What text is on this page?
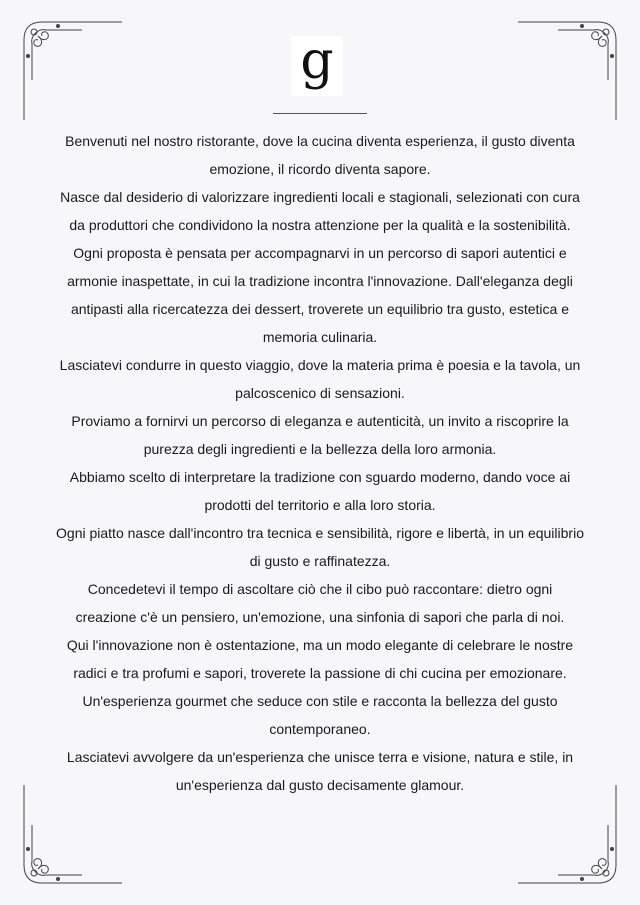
g

Benvenuti nel nostro ristorante, dove la cucina diventa esperienza, il gusto diventa emozione, il ricordo diventa sapore.

Nasce dal desiderio di valorizzare ingredienti locali e stagionali, selezionati con cura da produttori che condividono la nostra attenzione per la qualità e la sostenibilità.

Ogni proposta è pensata per accompagnarvi in un percorso di sapori autentici e armonie inaspettate, in cui la tradizione incontra l'innovazione. Dall'eleganza degli antipasti alla ricercatezza dei dessert, troverete un equilibrio tra gusto, estetica e memoria culinaria.

Lasciatevi condurre in questo viaggio, dove la materia prima è poesia e la tavola, un palcoscenico di sensazioni.

Proviamo a fornirvi un percorso di eleganza e autenticità, un invito a riscoprire la purezza degli ingredienti e la bellezza della loro armonia.

Abbiamo scelto di interpretare la tradizione con sguardo moderno, dando voce ai prodotti del territorio e alla loro storia.

Ogni piatto nasce dall'incontro tra tecnica e sensibilità, rigore e libertà, in un equilibrio di gusto e raffinatezza.

Concedetevi il tempo di ascoltare ciò che il cibo può raccontare: dietro ogni creazione c'è un pensiero, un'emozione, una sinfonia di sapori che parla di noi.

Qui l'innovazione non è ostentazione, ma un modo elegante di celebrare le nostre radici e tra profumi e sapori, troverete la passione di chi cucina per emozionare.

Un'esperienza gourmet che seduce con stile e racconta la bellezza del gusto contemporaneo.

Lasciatevi avvolgere da un'esperienza che unisce terra e visione, natura e stile, in un'esperienza dal gusto decisamente glamour.
